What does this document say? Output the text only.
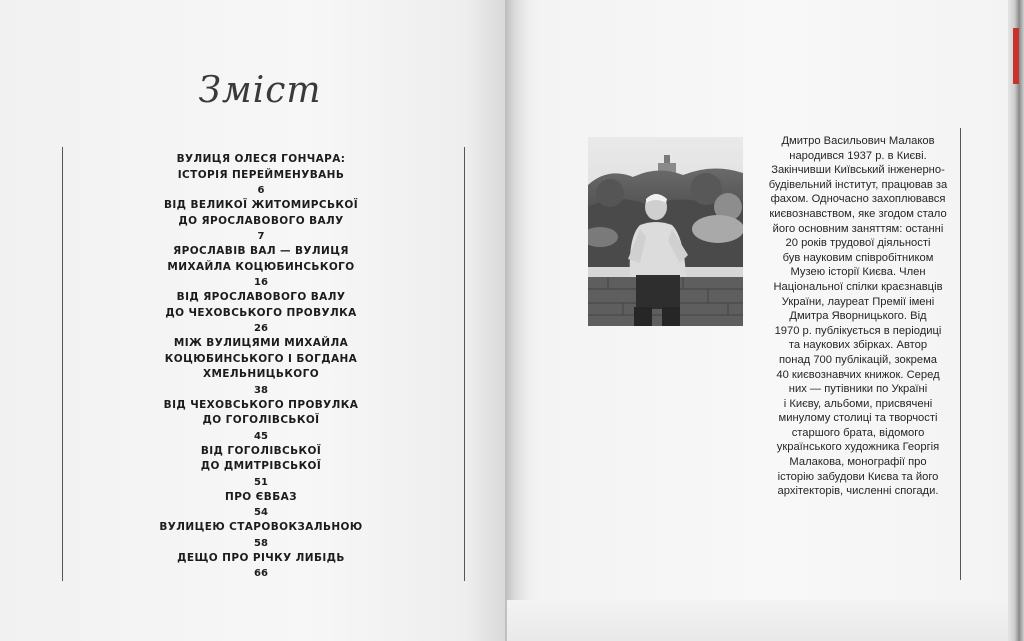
Зміст
ВУЛИЦЯ ОЛЕСЯ ГОНЧАРА:
ІСТОРІЯ ПЕРЕЙМЕНУВАНЬ
6
ВІД ВЕЛИКОЇ ЖИТОМИРСЬКОЇ
ДО ЯРОСЛАВОВОГО ВАЛУ
7
ЯРОСЛАВІВ ВАЛ — ВУЛИЦЯ
МИХАЙЛА КОЦЮБИНСЬКОГО
16
ВІД ЯРОСЛАВОВОГО ВАЛУ
ДО ЧЕХОВСЬКОГО ПРОВУЛКА
26
МІЖ ВУЛИЦЯМИ МИХАЙЛА
КОЦЮБИНСЬКОГО І БОГДАНА
ХМЕЛЬНИЦЬКОГО
38
ВІД ЧЕХОВСЬКОГО ПРОВУЛКА
ДО ГОГОЛІВСЬКОЇ
45
ВІД ГОГОЛІВСЬКОЇ
ДО ДМИТРІВСЬКОЇ
51
ПРО ЄВБАЗ
54
ВУЛИЦЕЮ СТАРОВОКЗАЛЬНОЮ
58
ДЕЩО ПРО РІЧКУ ЛИБІДЬ
66
Дмитро Васильович Малаков
народився 1937 р. в Києві.
Закінчивши Київський інженерно-
будівельний інститут, працював за
фахом. Одночасно захоплювався
києвознавством, яке згодом стало
його основним заняттям: останні
20 років трудової діяльності
був науковим співробітником
Музею історії Києва. Член
Національної спілки краєзнавців
України, лауреат Премії імені
Дмитра Яворницького. Від
1970 р. публікується в періодиці
та наукових збірках. Автор
понад 700 публікацій, зокрема
40 києвознавчих книжок. Серед
них — путівники по Україні
і Києву, альбоми, присвячені
минулому столиці та творчості
старшого брата, відомого
українського художника Георгія
Малакова, монографії про
історію забудови Києва та його
архітекторів, численні спогади.
